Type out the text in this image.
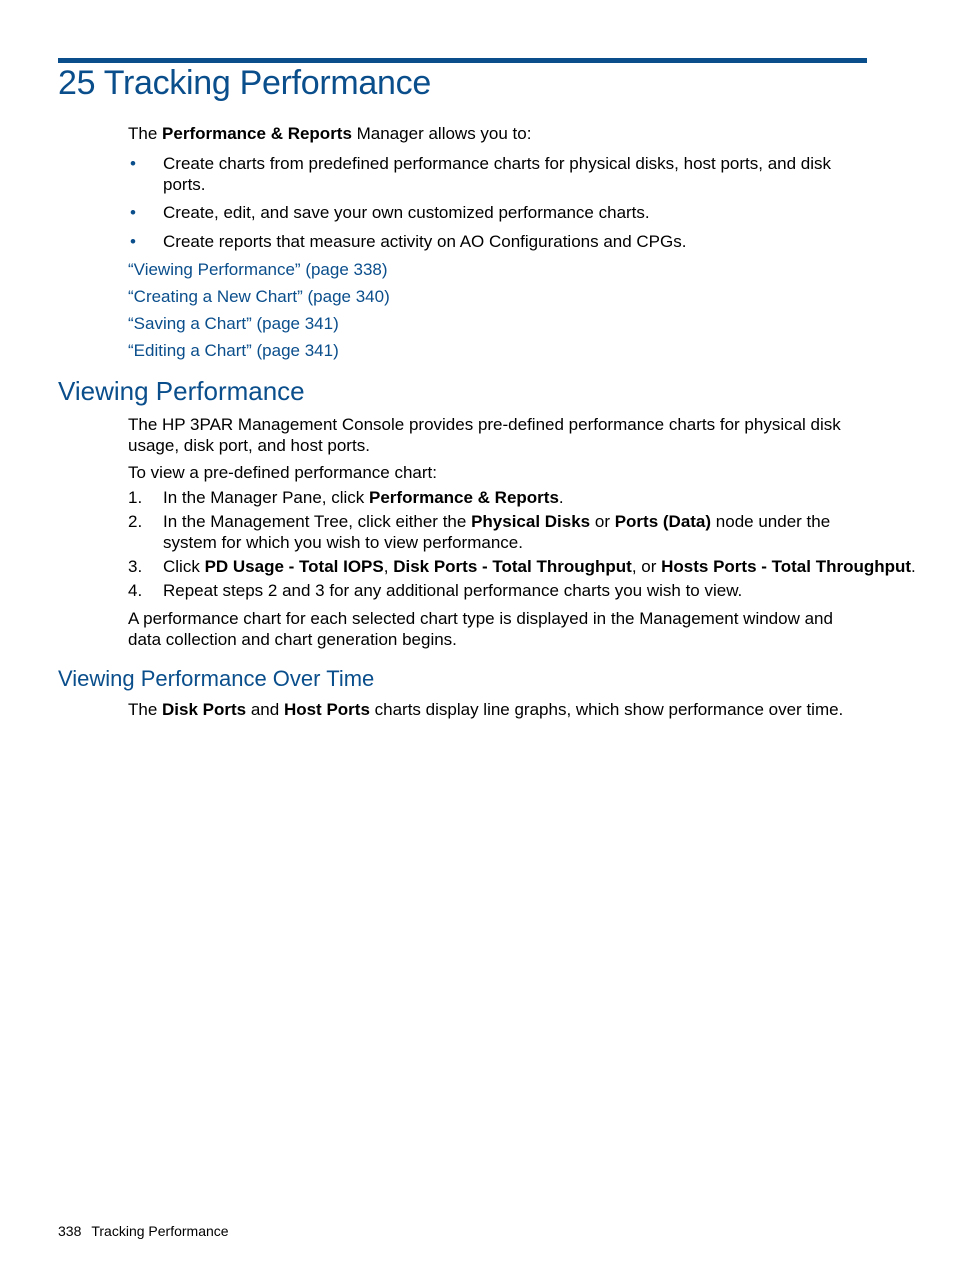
25 Tracking Performance
The Performance & Reports Manager allows you to:
• Create charts from predefined performance charts for physical disks, host ports, and disk ports.
• Create, edit, and save your own customized performance charts.
• Create reports that measure activity on AO Configurations and CPGs.
“Viewing Performance” (page 338)
“Creating a New Chart” (page 340)
“Saving a Chart” (page 341)
“Editing a Chart” (page 341)
Viewing Performance
The HP 3PAR Management Console provides pre-defined performance charts for physical disk usage, disk port, and host ports.
To view a pre-defined performance chart:
1. In the Manager Pane, click Performance & Reports.
2. In the Management Tree, click either the Physical Disks or Ports (Data) node under the system for which you wish to view performance.
3. Click PD Usage - Total IOPS, Disk Ports - Total Throughput, or Hosts Ports - Total Throughput.
4. Repeat steps 2 and 3 for any additional performance charts you wish to view.
A performance chart for each selected chart type is displayed in the Management window and data collection and chart generation begins.
Viewing Performance Over Time
The Disk Ports and Host Ports charts display line graphs, which show performance over time.
338 Tracking Performance
